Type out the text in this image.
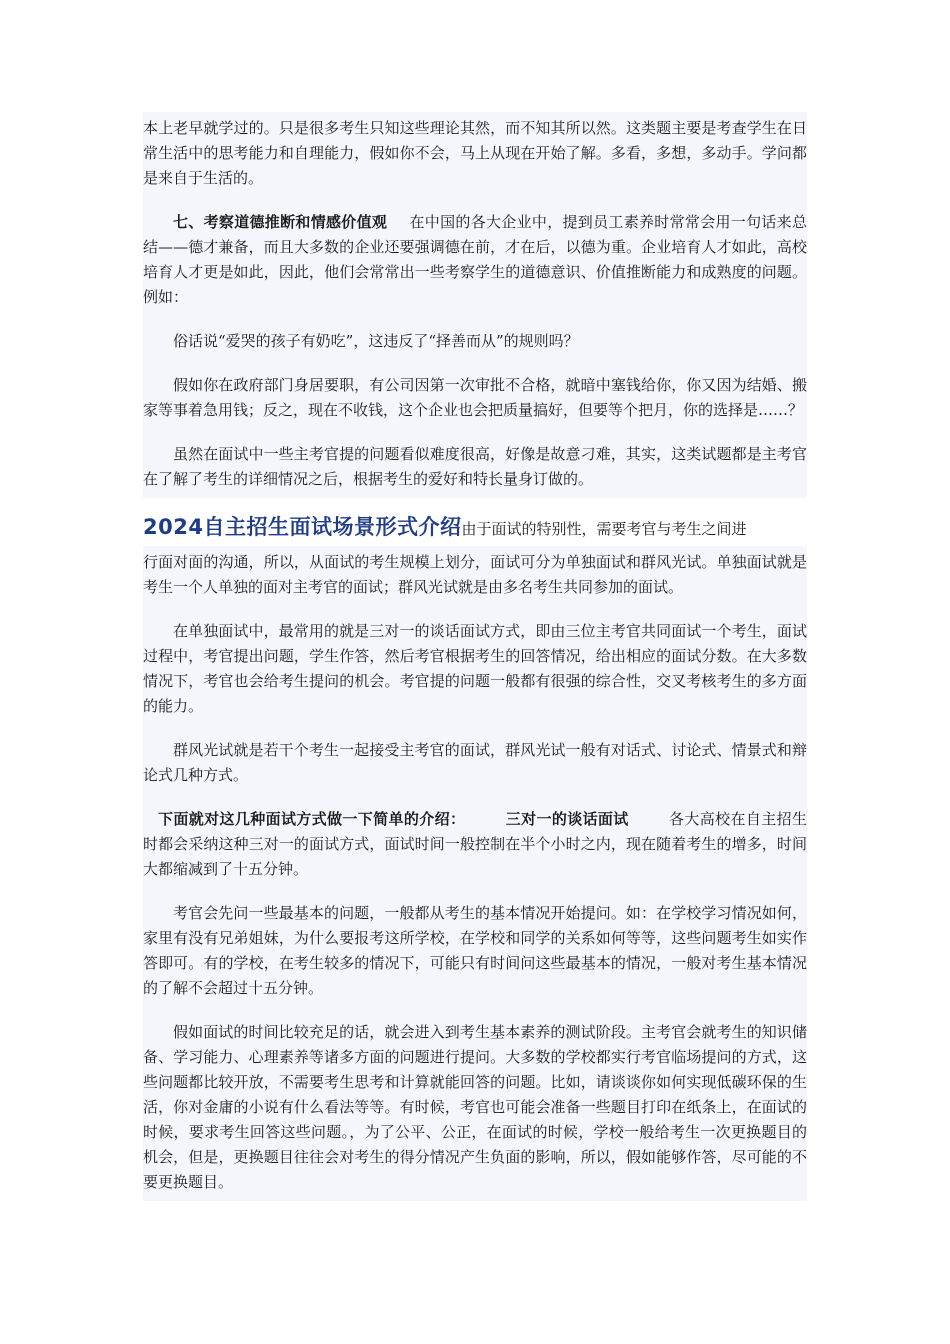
本上老早就学过的。只是很多考生只知这些理论其然，而不知其所以然。这类题主要是考查学生在日常生活中的思考能力和自理能力，假如你不会，马上从现在开始了解。多看，多想，多动手。学问都是来自于生活的。

七、考察道德推断和情感价值观 在中国的各大企业中，提到员工素养时常常会用一句话来总结——德才兼备，而且大多数的企业还要强调德在前，才在后，以德为重。企业培育人才如此，高校培育人才更是如此，因此，他们会常常出一些考察学生的道德意识、价值推断能力和成熟度的问题。例如：

俗话说“爱哭的孩子有奶吃”，这违反了“择善而从”的规则吗？

假如你在政府部门身居要职，有公司因第一次审批不合格，就暗中塞钱给你，你又因为结婚、搬家等事着急用钱；反之，现在不收钱，这个企业也会把质量搞好，但要等个把月，你的选择是……？

虽然在面试中一些主考官提的问题看似难度很高，好像是故意刁难，其实，这类试题都是主考官在了解了考生的详细情况之后，根据考生的爱好和特长量身订做的。

2024自主招生面试场景形式介绍由于面试的特别性，需要考官与考生之间进

行面对面的沟通，所以，从面试的考生规模上划分，面试可分为单独面试和群风光试。单独面试就是考生一个人单独的面对主考官的面试；群风光试就是由多名考生共同参加的面试。

在单独面试中，最常用的就是三对一的谈话面试方式，即由三位主考官共同面试一个考生，面试过程中，考官提出问题，学生作答，然后考官根据考生的回答情况，给出相应的面试分数。在大多数情况下，考官也会给考生提问的机会。考官提的问题一般都有很强的综合性，交叉考核考生的多方面的能力。

群风光试就是若干个考生一起接受主考官的面试，群风光试一般有对话式、讨论式、情景式和辩论式几种方式。

下面就对这几种面试方式做一下简单的介绍：	三对一的谈话面试	各大高校在自主招生时都会采纳这种三对一的面试方式，面试时间一般控制在半个小时之内，现在随着考生的增多，时间大都缩减到了十五分钟。

考官会先问一些最基本的问题，一般都从考生的基本情况开始提问。如：在学校学习情况如何，家里有没有兄弟姐妹，为什么要报考这所学校，在学校和同学的关系如何等等，这些问题考生如实作答即可。有的学校，在考生较多的情况下，可能只有时间问这些最基本的情况，一般对考生基本情况的了解不会超过十五分钟。

假如面试的时间比较充足的话，就会进入到考生基本素养的测试阶段。主考官会就考生的知识储备、学习能力、心理素养等诸多方面的问题进行提问。大多数的学校都实行考官临场提问的方式，这些问题都比较开放，不需要考生思考和计算就能回答的问题。比如，请谈谈你如何实现低碳环保的生活，你对金庸的小说有什么看法等等。有时候，考官也可能会准备一些题目打印在纸条上，在面试的时候，要求考生回答这些问题。，为了公平、公正，在面试的时候，学校一般给考生一次更换题目的机会，但是，更换题目往往会对考生的得分情况产生负面的影响，所以，假如能够作答，尽可能的不要更换题目。
